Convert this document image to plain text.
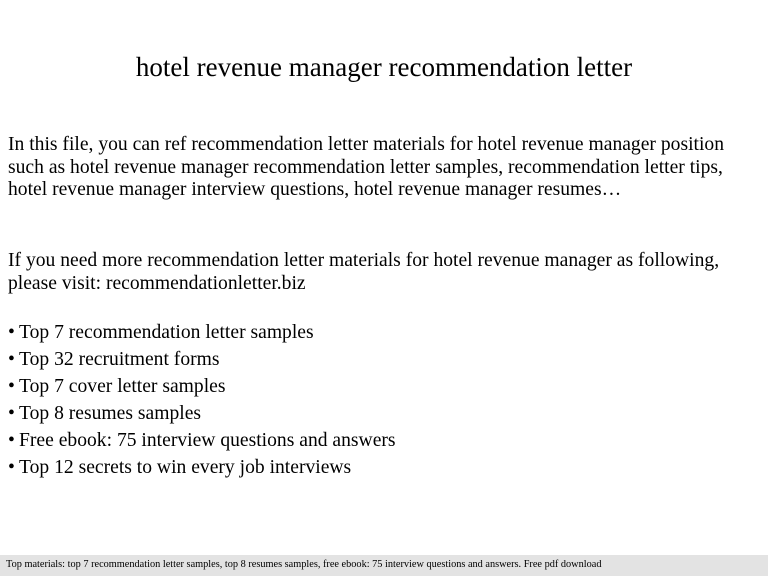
hotel revenue manager recommendation letter
In this file, you can ref recommendation letter materials for hotel revenue manager position such as hotel revenue manager recommendation letter samples, recommendation letter tips, hotel revenue manager interview questions, hotel revenue manager resumes…
If you need more recommendation letter materials for hotel revenue manager as following, please visit: recommendationletter.biz
• Top 7 recommendation letter samples
• Top 32 recruitment forms
• Top 7 cover letter samples
• Top 8 resumes samples
• Free ebook: 75 interview questions and answers
• Top 12 secrets to win every job interviews
Top materials: top 7 recommendation letter samples, top 8 resumes samples, free ebook: 75 interview questions and answers. Free pdf download
